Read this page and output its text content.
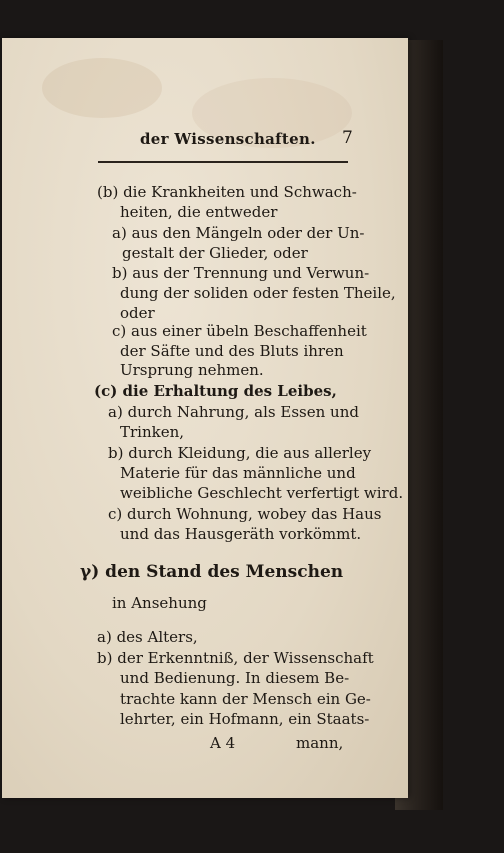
der Wissenschaften. 7
(b) die Krankheiten und Schwach-
heiten, die entweder
a) aus den Mängeln oder der Un-
gestalt der Glieder, oder
b) aus der Trennung und Verwun-
dung der soliden oder festen Theile,
oder
c) aus einer übeln Beschaffenheit
der Säfte und des Bluts ihren
Ursprung nehmen.
(c) die Erhaltung des Leibes,
a) durch Nahrung, als Essen und
Trinken,
b) durch Kleidung, die aus allerley
Materie für das männliche und
weibliche Geschlecht verfertigt wird.
c) durch Wohnung, wobey das Haus
und das Hausgeräth vorkömmt.
γ) den Stand des Menschen
in Ansehung
a) des Alters,
b) der Erkenntniß, der Wissenschaft
und Bedienung. In diesem Be-
trachte kann der Mensch ein Ge-
lehrter, ein Hofmann, ein Staats-
A 4	mann,
